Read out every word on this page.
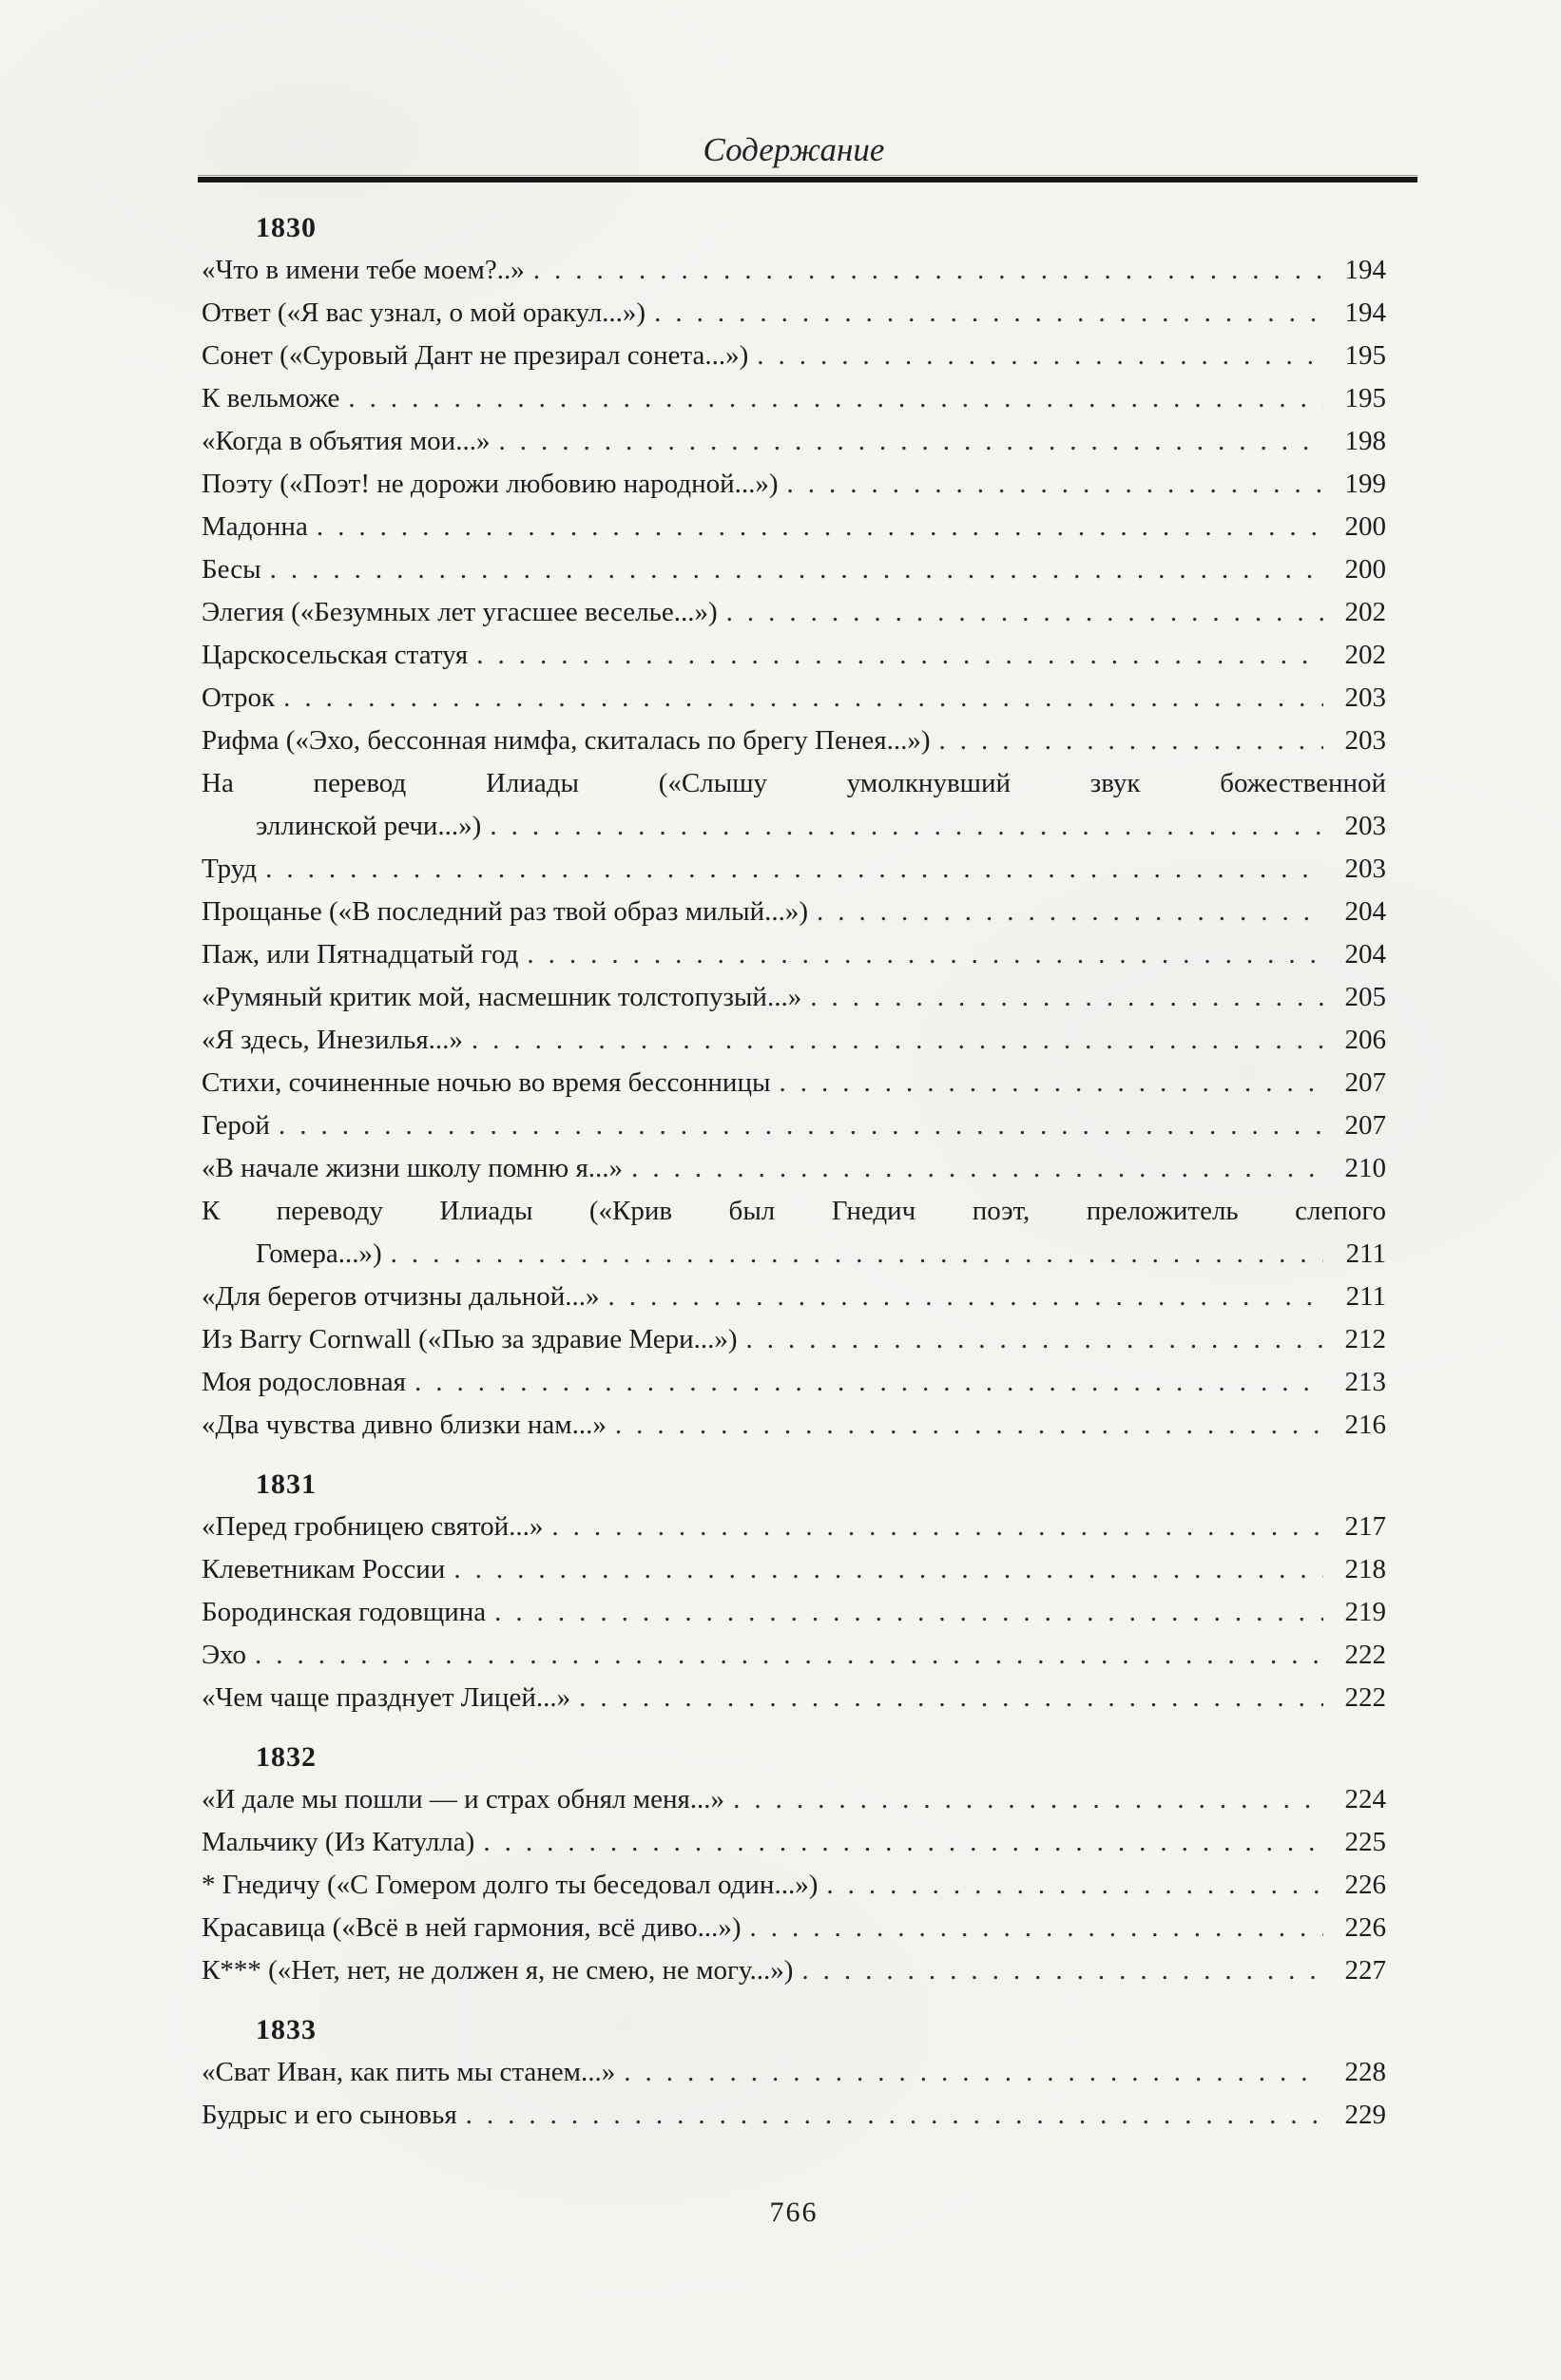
Содержание
1830
«Что в имени тебе моем?..» .....	194
Ответ («Я вас узнал, о мой оракул...») .....	194
Сонет («Суровый Дант не презирал сонета...») .....	195
К вельможе .....	195
«Когда в объятия мои...» .....	198
Поэту («Поэт! не дорожи любовию народной...») .....	199
Мадонна .....	200
Бесы .....	200
Элегия («Безумных лет угасшее веселье...») .....	202
Царскосельская статуя .....	202
Отрок .....	203
Рифма («Эхо, бессонная нимфа, скиталась по брегу Пенея...») .....	203
На перевод Илиады («Слышу умолкнувший звук божественной
эллинской речи...») .....	203
Труд .....	203
Прощанье («В последний раз твой образ милый...») .....	204
Паж, или Пятнадцатый год .....	204
«Румяный критик мой, насмешник толстопузый...» .....	205
«Я здесь, Инезилья...» .....	206
Стихи, сочиненные ночью во время бессонницы .....	207
Герой .....	207
«В начале жизни школу помню я...» .....	210
К переводу Илиады («Крив был Гнедич поэт, преложитель слепого
Гомера...») .....	211
«Для берегов отчизны дальной...» .....	211
Из Barry Cornwall («Пью за здравие Мери...») .....	212
Моя родословная .....	213
«Два чувства дивно близки нам...» .....	216
1831
«Перед гробницею святой...» .....	217
Клеветникам России .....	218
Бородинская годовщина .....	219
Эхо .....	222
«Чем чаще празднует Лицей...» .....	222
1832
«И дале мы пошли — и страх обнял меня...» .....	224
Мальчику (Из Катулла) .....	225
* Гнедичу («С Гомером долго ты беседовал один...») .....	226
Красавица («Всё в ней гармония, всё диво...») .....	226
К*** («Нет, нет, не должен я, не смею, не могу...») .....	227
1833
«Сват Иван, как пить мы станем...» .....	228
Будрыс и его сыновья .....	229
766
